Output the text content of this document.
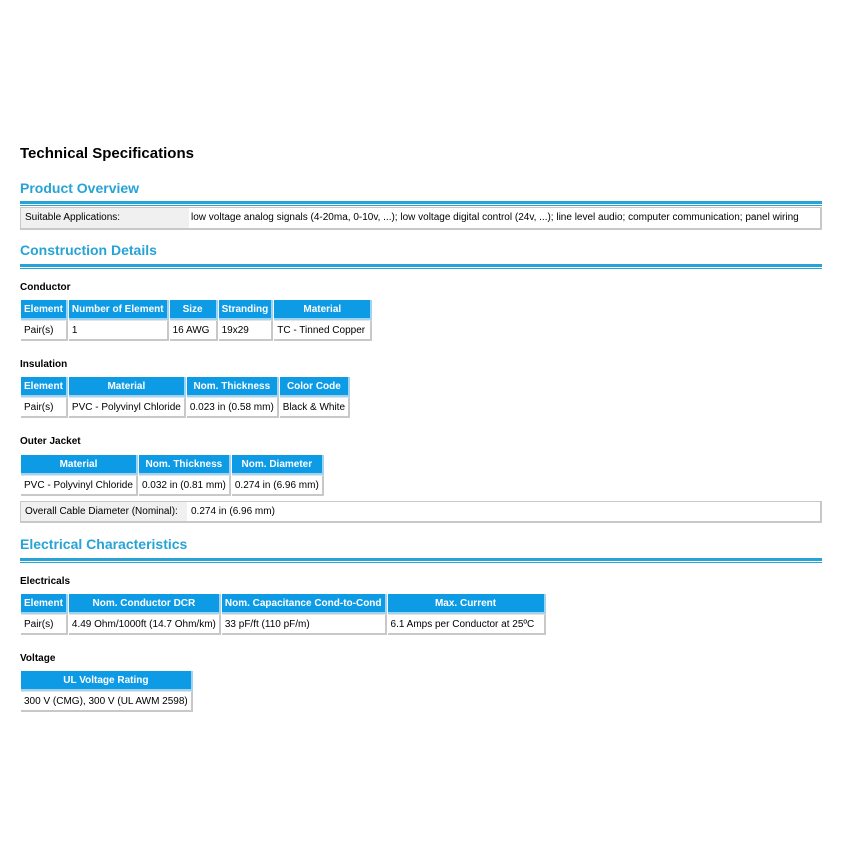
Technical Specifications
Product Overview
Suitable Applications:	low voltage analog signals (4-20ma, 0-10v, ...); low voltage digital control (24v, ...); line level audio; computer communication; panel wiring
Construction Details
Conductor
Element	Number of Element	Size	Stranding	Material
Pair(s)	1	16 AWG	19x29	TC - Tinned Copper
Insulation
Element	Material	Nom. Thickness	Color Code
Pair(s)	PVC - Polyvinyl Chloride	0.023 in (0.58 mm)	Black & White
Outer Jacket
Material	Nom. Thickness	Nom. Diameter
PVC - Polyvinyl Chloride	0.032 in (0.81 mm)	0.274 in (6.96 mm)
Overall Cable Diameter (Nominal):	0.274 in (6.96 mm)
Electrical Characteristics
Electricals
Element	Nom. Conductor DCR	Nom. Capacitance Cond-to-Cond	Max. Current
Pair(s)	4.49 Ohm/1000ft (14.7 Ohm/km)	33 pF/ft (110 pF/m)	6.1 Amps per Conductor at 25ºC
Voltage
UL Voltage Rating
300 V (CMG), 300 V (UL AWM 2598)
